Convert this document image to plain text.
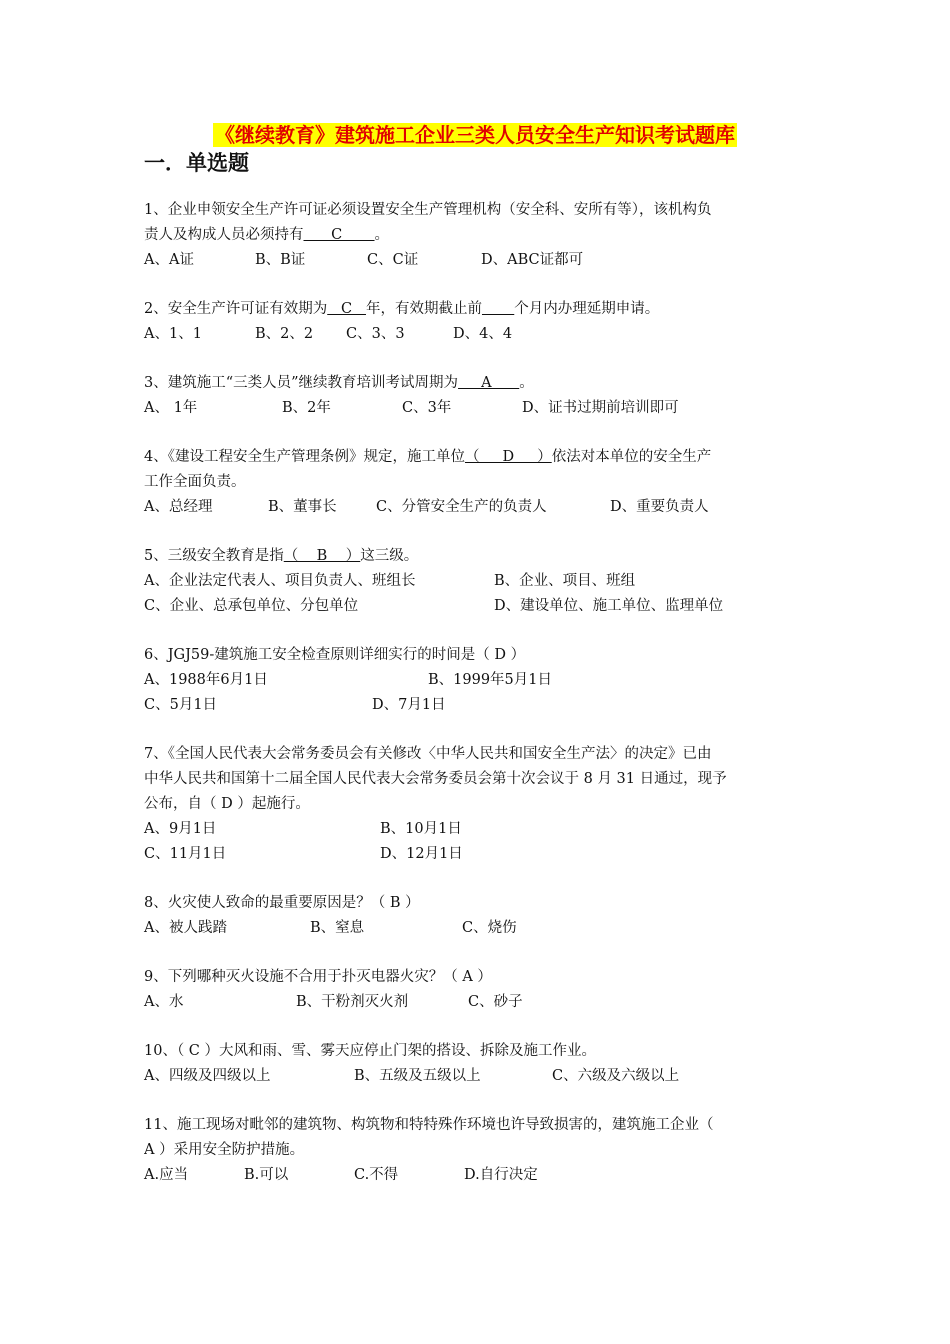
《继续教育》建筑施工企业三类人员安全生产知识考试题库
一．单选题

1、企业申领安全生产许可证必须设置安全生产管理机构（安全科、安所有等），该机构负

责人及构成人员必须持有      C       。

A、A证	B、B证	C、C证	D、ABC证都可

2、安全生产许可证有效期为   C   年，有效期截止前 个月内办理延期申请。

A、1、1	B、2、2	C、3、3	D、4、4

3、建筑施工“三类人员”继续教育培训考试周期为     A      。

A、 1年	B、2年	C、3年	D、证书过期前培训即可

4、《建设工程安全生产管理条例》规定，施工单位（     D     ）依法对本单位的安全生产

工作全面负责。

A、总经理	B、董事长	C、分管安全生产的负责人	D、重要负责人

5、三级安全教育是指（    B    ）这三级。

A、企业法定代表人、项目负责人、班组长	B、企业、项目、班组
C、企业、总承包单位、分包单位	D、建设单位、施工单位、监理单位

6、JGJ59-建筑施工安全检查原则详细实行的时间是（ D ）

A、1988年6月1日	B、1999年5月1日
C、5月1日	D、7月1日

7、《全国人民代表大会常务委员会有关修改〈中华人民共和国安全生产法〉的决定》已由

中华人民共和国第十二届全国人民代表大会常务委员会第十次会议于 8 月 31 日通过，现予

公布，自（ D ）起施行。

A、9月1日	B、10月1日
C、11月1日	D、12月1日

8、火灾使人致命的最重要原因是？（ B ）

A、被人践踏	B、窒息	C、烧伤

9、下列哪种灭火设施不合用于扑灭电器火灾？（ A ）

A、水	B、干粉剂灭火剂	C、砂子

10、（ C ）大风和雨、雪、雾天应停止门架的搭设、拆除及施工作业。

A、四级及四级以上	B、五级及五级以上	C、六级及六级以上

11、施工现场对毗邻的建筑物、构筑物和特特殊作环境也许导致损害的，建筑施工企业（

A ）采用安全防护措施。

A.应当	B.可以	C.不得	D.自行决定
